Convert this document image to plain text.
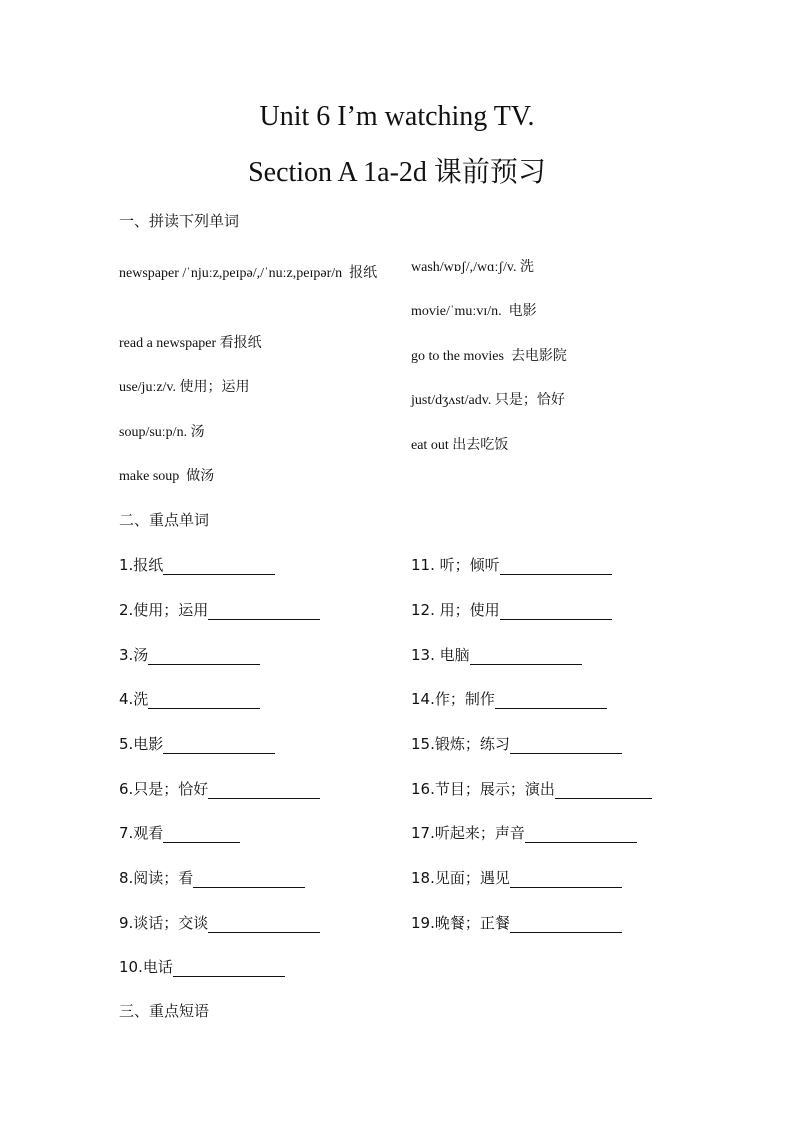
Unit 6 I’m watching TV.
Section A 1a-2d 课前预习
一、拼读下列单词
newspaper /ˈnjuːz,peɪpə/,/ˈnuːz,peɪpər/n 报纸
read a newspaper 看报纸
use/juːz/v. 使用；运用
soup/suːp/n. 汤
make soup 做汤
wash/wɒʃ/,/wɑːʃ/v. 洗
movie/ˈmuːvɪ/n. 电影
go to the movies 去电影院
just/dʒʌst/adv. 只是；恰好
eat out 出去吃饭
二、重点单词
1.报纸
2.使用；运用
3.汤
4.洗
5.电影
6.只是；恰好
7.观看
8.阅读；看
9.谈话；交谈
10.电话
11. 听；倾听
12. 用；使用
13. 电脑
14.作；制作
15.锻炼；练习
16.节目；展示；演出
17.听起来；声音
18.见面；遇见
19.晚餐；正餐
三、重点短语
